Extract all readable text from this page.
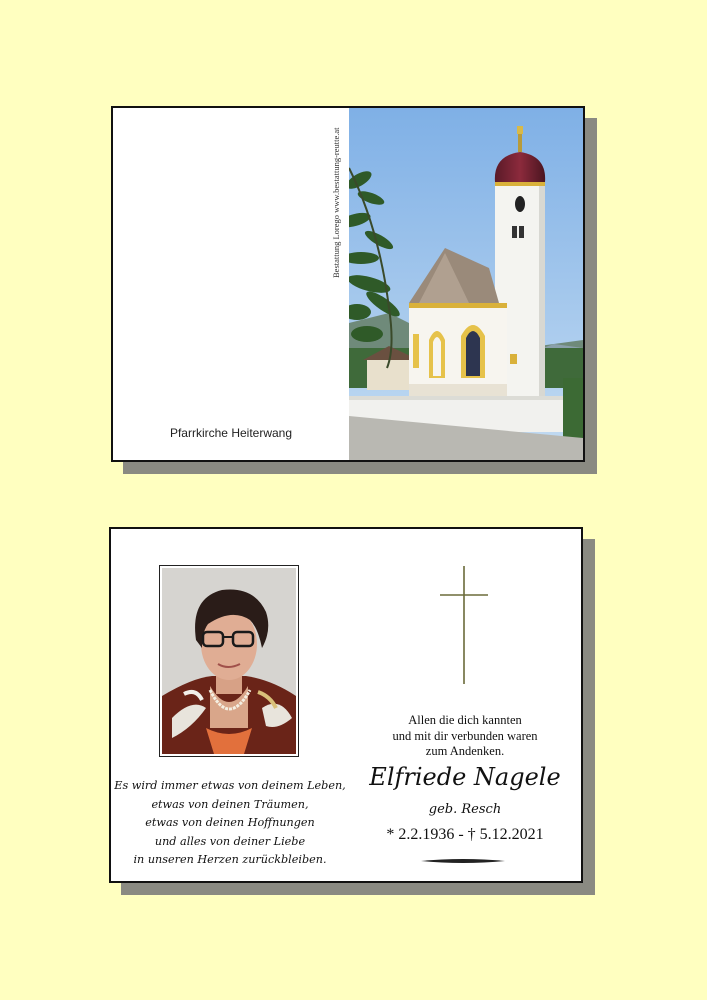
Bestattung Lorego www.bestattung-reutte.at
Pfarrkirche Heiterwang
Es wird immer etwas von deinem Leben,
etwas von deinen Träumen,
etwas von deinen Hoffnungen
und alles von deiner Liebe
in unseren Herzen zurückbleiben.
Allen die dich kannten
und mit dir verbunden waren
zum Andenken.
Elfriede Nagele
geb. Resch
* 2.2.1936 - † 5.12.2021
